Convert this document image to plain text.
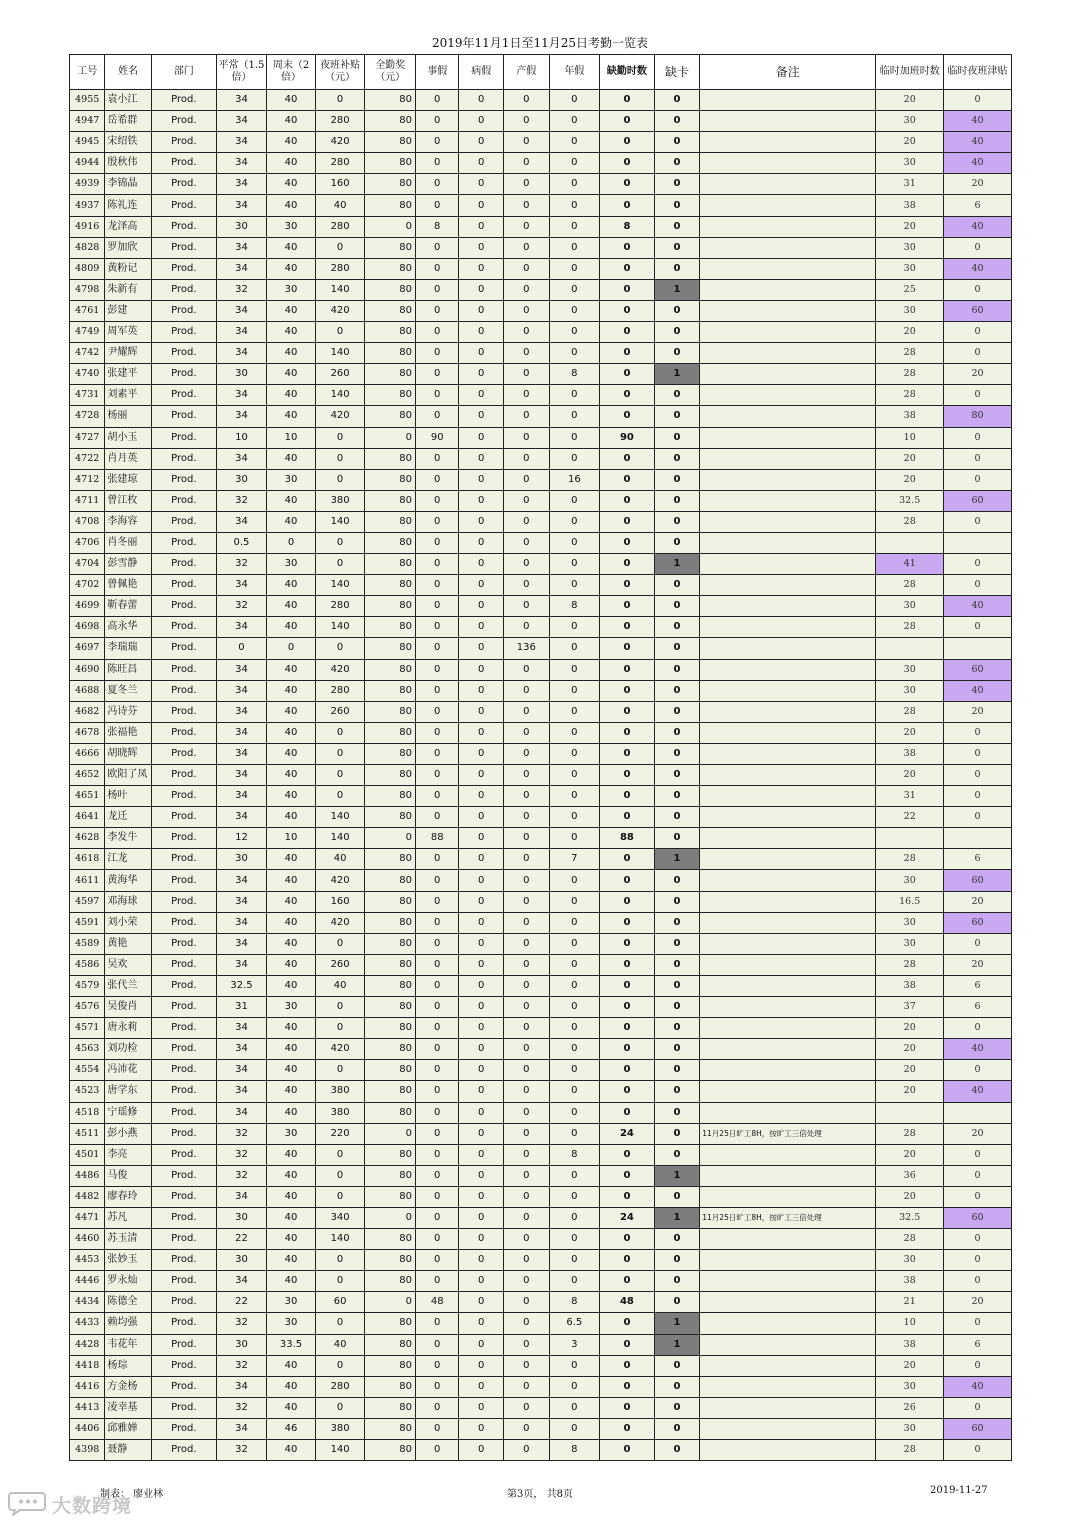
2019年11月1日至11月25日考勤一览表
工号	姓名	部门	平常（1.5倍）	周末（2倍）	夜班补贴（元）	全勤奖（元）	事假	病假	产假	年假	缺勤时数	缺卡	备注	临时加班时数	临时夜班津贴
4955	袁小江	Prod.	34	40	0	80	0	0	0	0	0	0		20	0
4947	岳希群	Prod.	34	40	280	80	0	0	0	0	0	0		30	40
4945	宋绍铁	Prod.	34	40	420	80	0	0	0	0	0	0		20	40
4944	殷秋伟	Prod.	34	40	280	80	0	0	0	0	0	0		30	40
4939	李锦晶	Prod.	34	40	160	80	0	0	0	0	0	0		31	20
4937	陈礼连	Prod.	34	40	40	80	0	0	0	0	0	0		38	6
4916	龙泽高	Prod.	30	30	280	0	8	0	0	0	8	0		20	40
4828	罗加欣	Prod.	34	40	0	80	0	0	0	0	0	0		30	0
4809	黄粉记	Prod.	34	40	280	80	0	0	0	0	0	0		30	40
4798	朱新有	Prod.	32	30	140	80	0	0	0	0	0	1		25	0
4761	彭建	Prod.	34	40	420	80	0	0	0	0	0	0		30	60
4749	周军英	Prod.	34	40	0	80	0	0	0	0	0	0		20	0
4742	尹耀辉	Prod.	34	40	140	80	0	0	0	0	0	0		28	0
4740	张建平	Prod.	30	40	260	80	0	0	0	8	0	1		28	20
4731	刘素平	Prod.	34	40	140	80	0	0	0	0	0	0		28	0
4728	杨丽	Prod.	34	40	420	80	0	0	0	0	0	0		38	80
4727	胡小玉	Prod.	10	10	0	0	90	0	0	0	90	0		10	0
4722	肖月英	Prod.	34	40	0	80	0	0	0	0	0	0		20	0
4712	张建琼	Prod.	30	30	0	80	0	0	0	16	0	0		20	0
4711	曾江枚	Prod.	32	40	380	80	0	0	0	0	0	0		32.5	60
4708	李海容	Prod.	34	40	140	80	0	0	0	0	0	0		28	0
4706	肖冬丽	Prod.	0.5	0	0	80	0	0	0	0	0	0			
4704	彭雪静	Prod.	32	30	0	80	0	0	0	0	0	1		41	0
4702	曾佩艳	Prod.	34	40	140	80	0	0	0	0	0	0		28	0
4699	靳春蕾	Prod.	32	40	280	80	0	0	0	8	0	0		30	40
4698	高永华	Prod.	34	40	140	80	0	0	0	0	0	0		28	0
4697	李瑞瑞	Prod.	0	0	0	80	0	0	136	0	0	0			
4690	陈旺昌	Prod.	34	40	420	80	0	0	0	0	0	0		30	60
4688	夏冬兰	Prod.	34	40	280	80	0	0	0	0	0	0		30	40
4682	冯诗芬	Prod.	34	40	260	80	0	0	0	0	0	0		28	20
4678	张福艳	Prod.	34	40	0	80	0	0	0	0	0	0		20	0
4666	胡晓辉	Prod.	34	40	0	80	0	0	0	0	0	0		38	0
4652	欧阳了凤	Prod.	34	40	0	80	0	0	0	0	0	0		20	0
4651	杨叶	Prod.	34	40	0	80	0	0	0	0	0	0		31	0
4641	龙迁	Prod.	34	40	140	80	0	0	0	0	0	0		22	0
4628	李发牛	Prod.	12	10	140	0	88	0	0	0	88	0			
4618	江龙	Prod.	30	40	40	80	0	0	0	7	0	1		28	6
4611	黄海华	Prod.	34	40	420	80	0	0	0	0	0	0		30	60
4597	邓海球	Prod.	34	40	160	80	0	0	0	0	0	0		16.5	20
4591	刘小荣	Prod.	34	40	420	80	0	0	0	0	0	0		30	60
4589	黄艳	Prod.	34	40	0	80	0	0	0	0	0	0		30	0
4586	吴欢	Prod.	34	40	260	80	0	0	0	0	0	0		28	20
4579	张代兰	Prod.	32.5	40	40	80	0	0	0	0	0	0		38	6
4576	吴俊肖	Prod.	31	30	0	80	0	0	0	0	0	0		37	6
4571	唐永莉	Prod.	34	40	0	80	0	0	0	0	0	0		20	0
4563	刘功检	Prod.	34	40	420	80	0	0	0	0	0	0		20	40
4554	冯沛花	Prod.	34	40	0	80	0	0	0	0	0	0		20	0
4523	唐学东	Prod.	34	40	380	80	0	0	0	0	0	0		20	40
4518	宁瑶修	Prod.	34	40	380	80	0	0	0	0	0	0			
4511	彭小燕	Prod.	32	30	220	0	0	0	0	0	24	0	11月25日旷工8H，按旷工三倍处理	28	20
4501	李亮	Prod.	32	40	0	80	0	0	0	8	0	0		20	0
4486	马俊	Prod.	32	40	0	80	0	0	0	0	0	1		36	0
4482	廖春玲	Prod.	34	40	0	80	0	0	0	0	0	0		20	0
4471	苏凡	Prod.	30	40	340	0	0	0	0	0	24	1	11月25日旷工8H，按旷工三倍处理	32.5	60
4460	苏玉清	Prod.	22	40	140	80	0	0	0	0	0	0		28	0
4453	张妙玉	Prod.	30	40	0	80	0	0	0	0	0	0		30	0
4446	罗永灿	Prod.	34	40	0	80	0	0	0	0	0	0		38	0
4434	陈德全	Prod.	22	30	60	0	48	0	0	8	48	0		21	20
4433	赖均强	Prod.	32	30	0	80	0	0	0	6.5	0	1		10	0
4428	韦花年	Prod.	30	33.5	40	80	0	0	0	3	0	1		38	6
4418	杨琮	Prod.	32	40	0	80	0	0	0	0	0	0		20	0
4416	方金杨	Prod.	34	40	280	80	0	0	0	0	0	0		30	40
4413	凌幸基	Prod.	32	40	0	80	0	0	0	0	0	0		26	0
4406	邱雅婵	Prod.	34	46	380	80	0	0	0	0	0	0		30	60
4398	聂静	Prod.	32	40	140	80	0	0	0	8	0	0		28	0
制表： 廖业林	第3页， 共8页	2019-11-27
大数跨境
